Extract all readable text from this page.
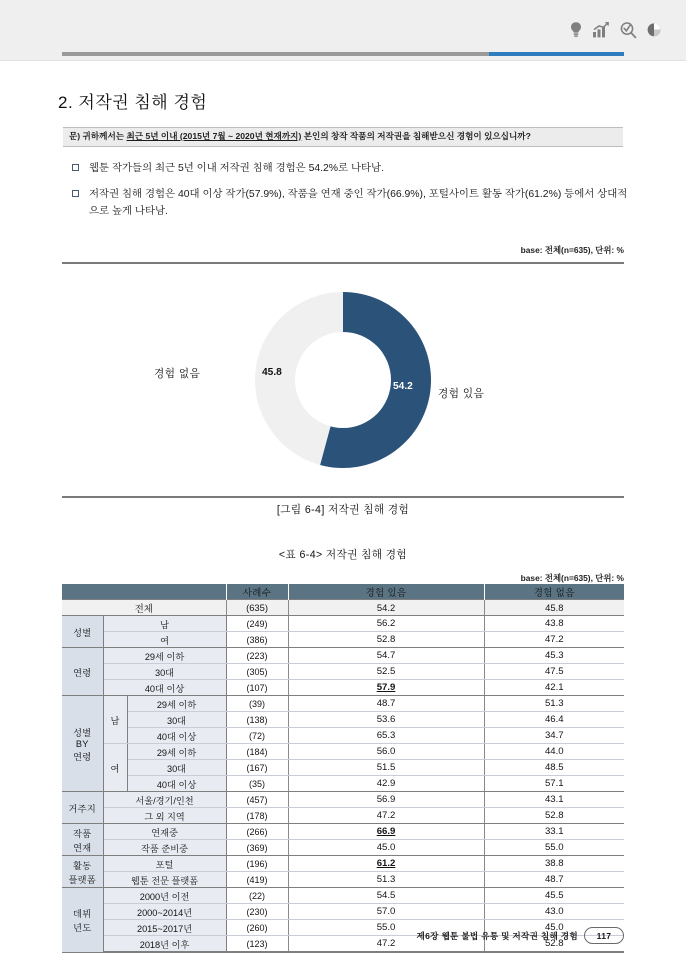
2. 저작권 침해 경험
문) 귀하께서는 최근 5년 이내 (2015년 7월 ~ 2020년 현재까지) 본인의 창작 작품의 저작권을 침해받으신 경험이 있으십니까?
웹툰 작가들의 최근 5년 이내 저작권 침해 경험은 54.2%로 나타남.
저작권 침해 경험은 40대 이상 작가(57.9%), 작품을 연재 중인 작가(66.9%), 포털사이트 활동 작가(61.2%) 등에서 상대적으로 높게 나타남.
base: 전체(n=635), 단위: %
경험 없음	45.8
경험 있음
54.2
[그림 6-4] 저작권 침해 경험
<표 6-4> 저작권 침해 경험
base: 전체(n=635), 단위: %
			사례수	경험 있음	경험 없음
전체			(635)	54.2	45.8
성별	남		(249)	56.2	43.8
	여		(386)	52.8	47.2
연령	29세 이하		(223)	54.7	45.3
	30대		(305)	52.5	47.5
	40대 이상		(107)	57.9	42.1

성별
BY
연령	남	29세 이하	(39)	48.7	51.3
		30대	(138)	53.6	46.4
		40대 이상	(72)	65.3	34.7
	여	29세 이하	(184)	56.0	44.0
		30대	(167)	51.5	48.5
		40대 이상	(35)	42.9	57.1
거주지	서울/경기/인천		(457)	56.9	43.1
	그 외 지역		(178)	47.2	52.8

작품
연재	연재중		(266)	66.9	33.1
	작품 준비중		(369)	45.0	55.0

활동
플랫폼	포털		(196)	61.2	38.8
	웹툰 전문 플랫폼		(419)	51.3	48.7

데뷔
년도	2000년 이전		(22)	54.5	45.5
	2000~2014년		(230)	57.0	43.0
	2015~2017년		(260)	55.0	45.0
	2018년 이후		(123)	47.2	52.8
제6장 웹툰 불법 유통 및 저작권 침해 경험	117
